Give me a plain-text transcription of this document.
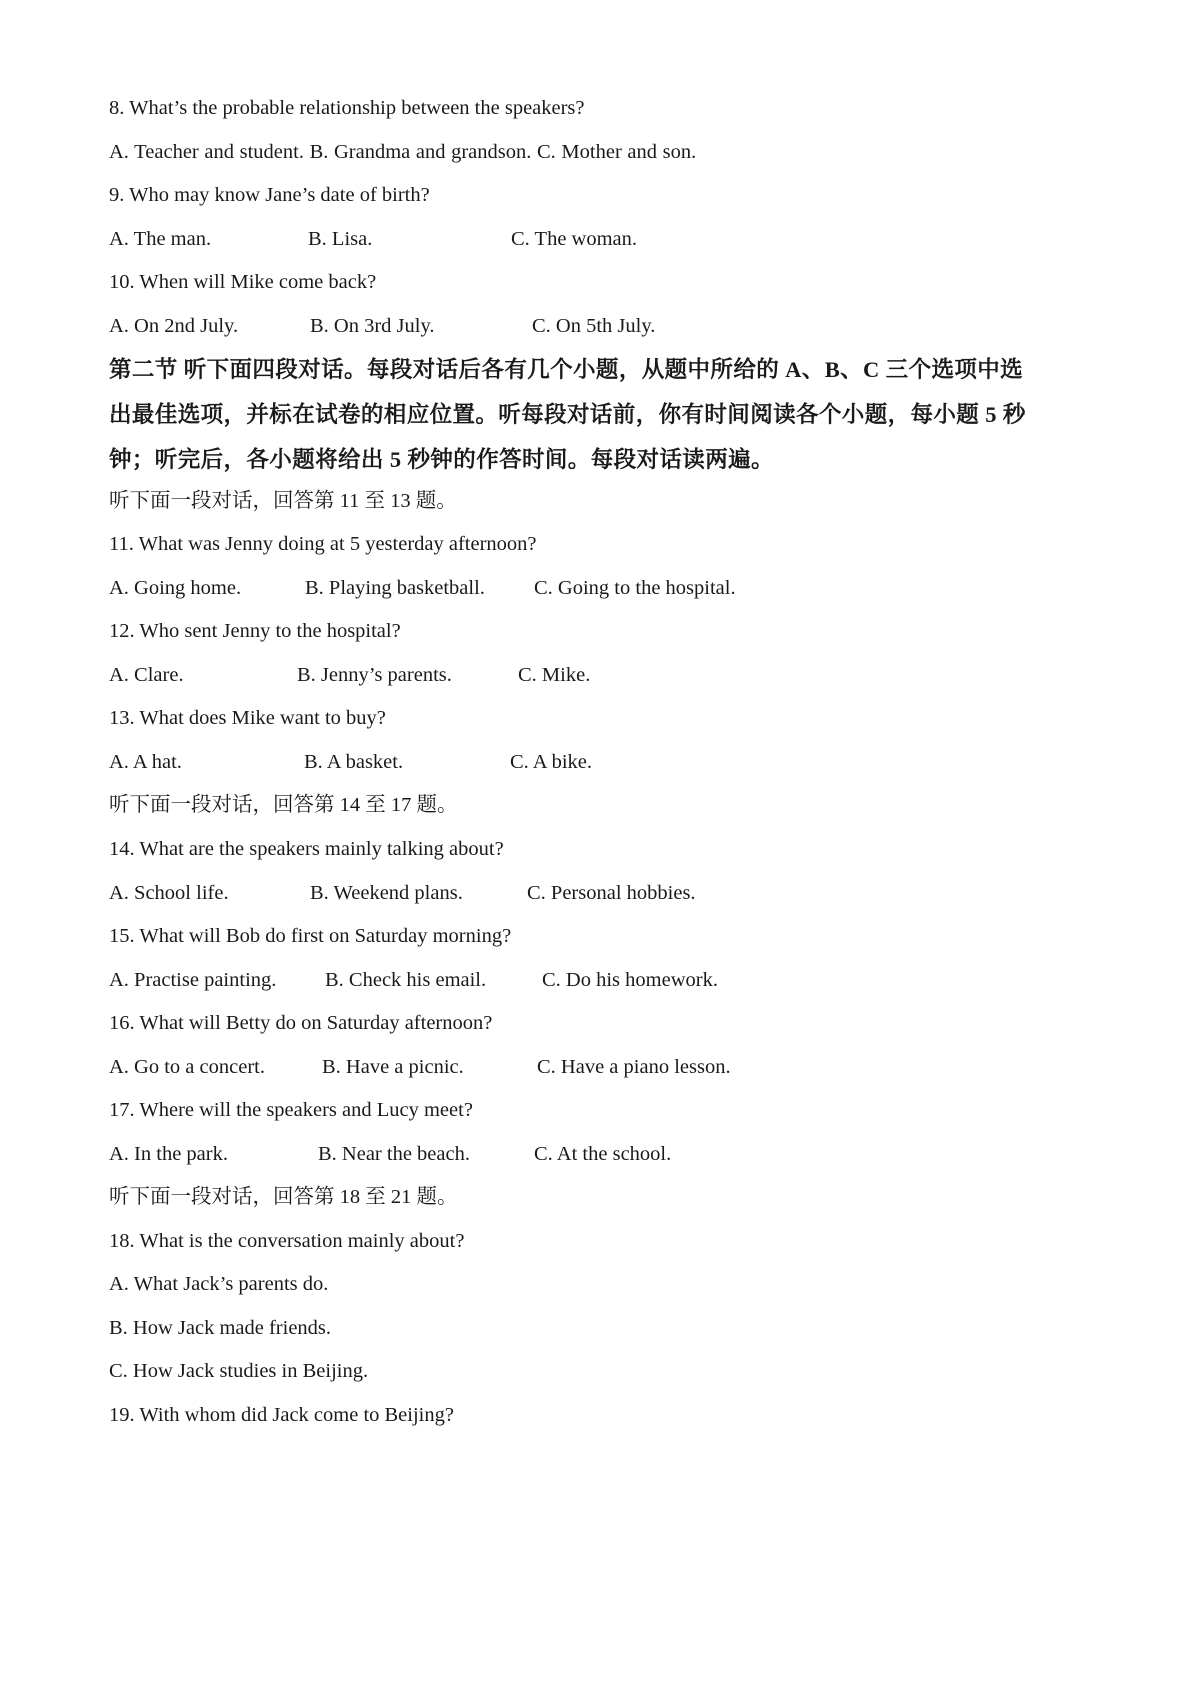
8. What’s the probable relationship between the speakers?
A. Teacher and student. B. Grandma and grandson. C. Mother and son.
9. Who may know Jane’s date of birth?
A. The man.	B. Lisa.	C. The woman.
10. When will Mike come back?
A. On 2nd July.	B. On 3rd July.	C. On 5th July.
第二节 听下面四段对话。每段对话后各有几个小题，从题中所给的 A、B、C 三个选项中选
出最佳选项，并标在试卷的相应位置。听每段对话前，你有时间阅读各个小题，每小题 5 秒
钟；听完后，各小题将给出 5 秒钟的作答时间。每段对话读两遍。
听下面一段对话，回答第 11 至 13 题。
11. What was Jenny doing at 5 yesterday afternoon?
A. Going home.	B. Playing basketball. C. Going to the hospital.
12. Who sent Jenny to the hospital?
A. Clare.	B. Jenny’s parents.	C. Mike.
13. What does Mike want to buy?
A. A hat.	B. A basket.	C. A bike.
听下面一段对话，回答第 14 至 17 题。
14. What are the speakers mainly talking about?
A. School life.	B. Weekend plans.	C. Personal hobbies.
15. What will Bob do first on Saturday morning?
A. Practise painting. B. Check his email.	C. Do his homework.
16. What will Betty do on Saturday afternoon?
A. Go to a concert.	B. Have a picnic.	C. Have a piano lesson.
17. Where will the speakers and Lucy meet?
A. In the park.	B. Near the beach.	C. At the school.
听下面一段对话，回答第 18 至 21 题。
18. What is the conversation mainly about?
A. What Jack’s parents do.
B. How Jack made friends.
C. How Jack studies in Beijing.
19. With whom did Jack come to Beijing?
